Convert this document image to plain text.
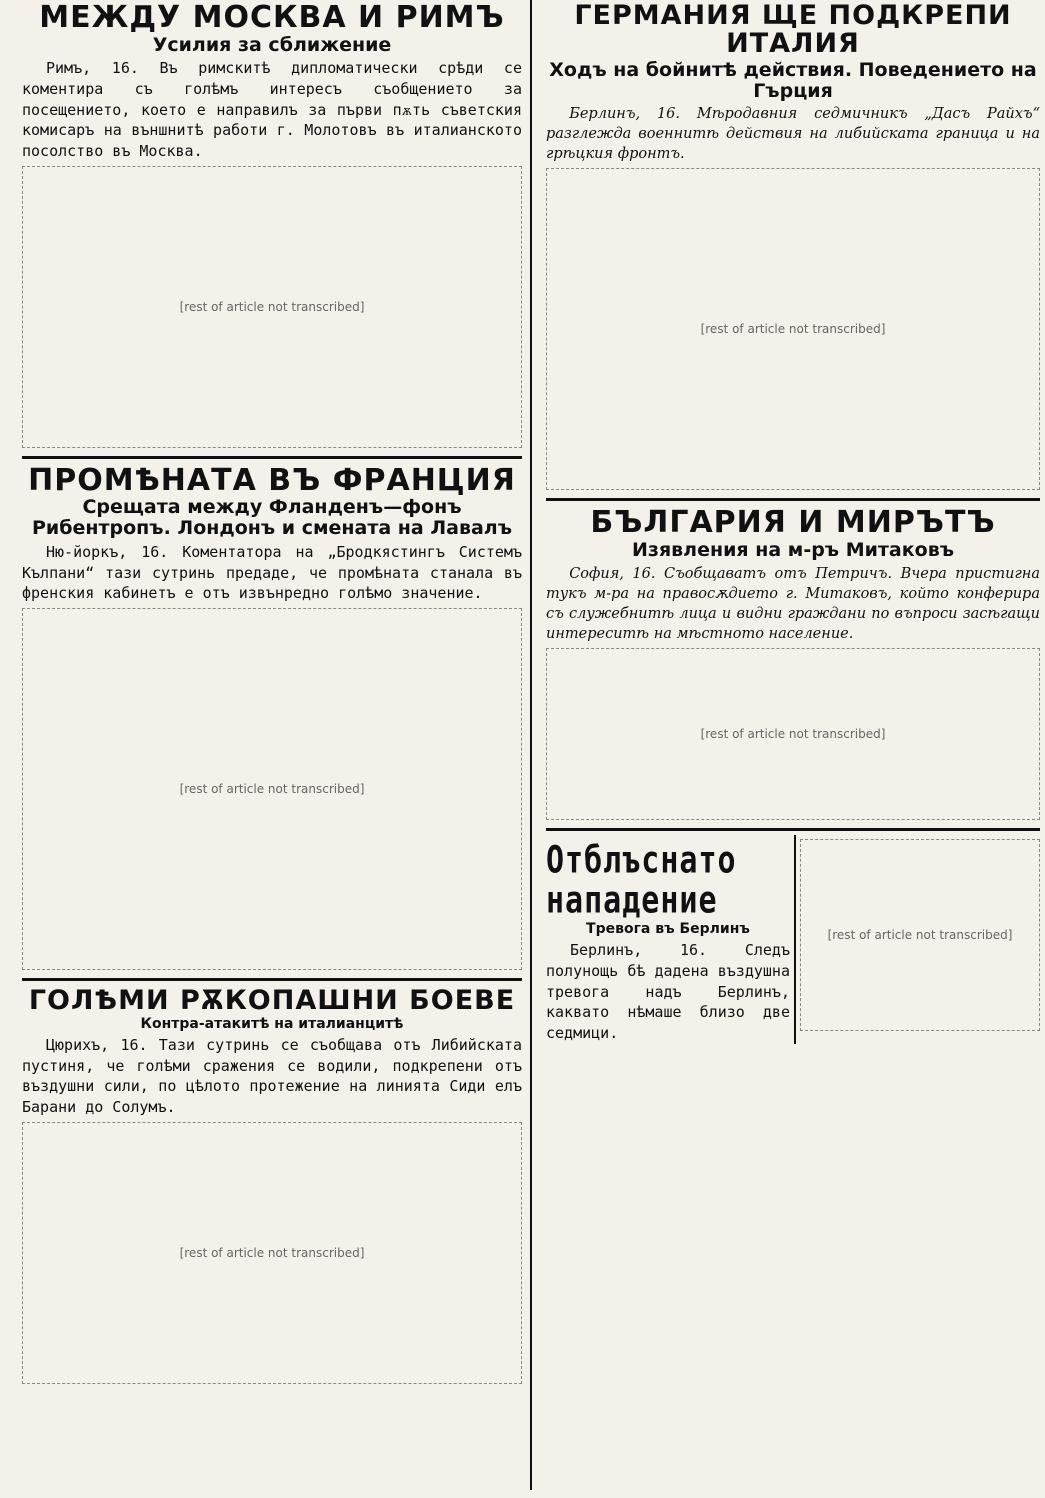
МЕЖДУ МОСКВА И РИМЪ
Усилия за сближение

Римъ, 16. Въ римскитѣ дипломатически срѣди се коментира съ голѣмъ интересъ съобщението за посещението, което е направилъ за първи пѫть съветския комисаръ на външнитѣ работи г. Молотовъ въ италианското посолство въ Москва.

[rest of article not transcribed]
ПРОМѢНАТА ВЪ ФРАНЦИЯ
Срещата между Фланденъ—фонъ Рибентропъ. Лондонъ и смената на Лавалъ

Ню-йоркъ, 16. Коментатора на „Бродкястингъ Системъ Кълпани“ тази сутринь предаде, че промѣната станала въ френския кабинетъ е отъ извънредно голѣмо значение.

[rest of article not transcribed]
ГОЛѢМИ РѪКОПАШНИ БОЕВЕ
Контра-атакитѣ на италианцитѣ

Цюрихъ, 16. Тази сутринь се съобщава отъ Либийската пустиня, че голѣми сражения се водили, подкрепени отъ въздушни сили, по цѣлото протежение на линията Сиди елъ Барани до Солумъ.

[rest of article not transcribed]
ГЕРМАНИЯ ЩЕ ПОДКРЕПИ ИТАЛИЯ
Ходъ на бойнитѣ действия. Поведението на Гърция

Берлинъ, 16. Мѣродавния седмичникъ „Дасъ Райхъ“ разглежда военнитѣ действия на либийската граница и на грѣцкия фронтъ.

[rest of article not transcribed]
БЪЛГАРИЯ И МИРЪТЪ
Изявления на м-ръ Митаковъ

София, 16. Съобщаватъ отъ Петричъ. Вчера пристигна тукъ м-ра на правосѫдието г. Митаковъ, който конферира съ служебнитѣ лица и видни граждани по въпроси засѣгащи интереситѣ на мѣстното население.

[rest of article not transcribed]
Отблъснато нападение
Тревога въ Берлинъ

Берлинъ, 16. Следъ полунощь бѣ дадена въздушна тревога надъ Берлинъ, каквато нѣмаше близо две седмици.

[rest of article not transcribed]
